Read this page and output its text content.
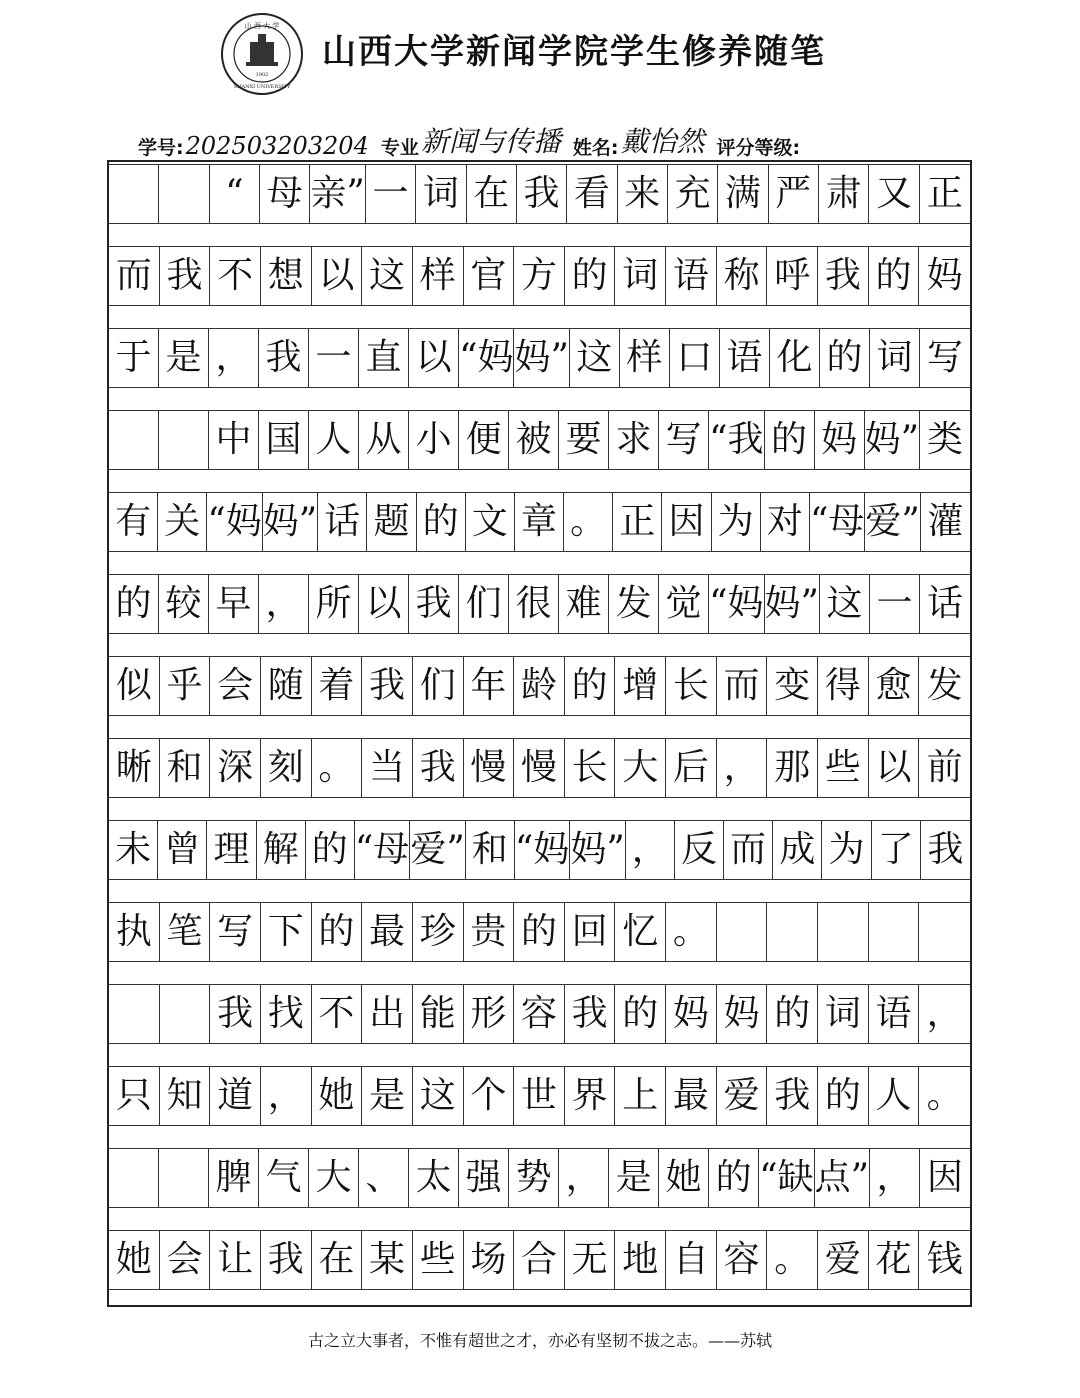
山 西 大 学
1902
SHANXI UNIVERSITY
山西大学新闻学院学生修养随笔
学号: 202503203204 专业 新闻与传播 姓名: 戴怡然 评分等级:
“ 母 亲” 一 词 在 我 看 来 充 满 严 肃 又 正
而 我 不 想 以 这 样 官 方 的 词 语 称 呼 我 的 妈
于 是 ， 我 一 直 以 “妈 妈” 这 样 口 语 化 的 词 写
中 国 人 从 小 便 被 要 求 写 “我 的 妈 妈” 类
有 关 “妈 妈” 话 题 的 文 章 。 正 因 为 对 “母 爱” 灌
的 较 早 ， 所 以 我 们 很 难 发 觉 “妈 妈” 这 一 话
似 乎 会 随 着 我 们 年 龄 的 增 长 而 变 得 愈 发
晰 和 深 刻 。 当 我 慢 慢 长 大 后 ， 那 些 以 前
未 曾 理 解 的 “母 爱” 和 “妈 妈” ， 反 而 成 为 了 我
执 笔 写 下 的 最 珍 贵 的 回 忆 。
我 找 不 出 能 形 容 我 的 妈 妈 的 词 语 ，
只 知 道 ， 她 是 这 个 世 界 上 最 爱 我 的 人 。
脾 气 大 、 太 强 势 ， 是 她 的 “缺 点” ， 因
她 会 让 我 在 某 些 场 合 无 地 自 容 。 爱 花 钱
古之立大事者，不惟有超世之才，亦必有坚韧不拔之志。——苏轼
